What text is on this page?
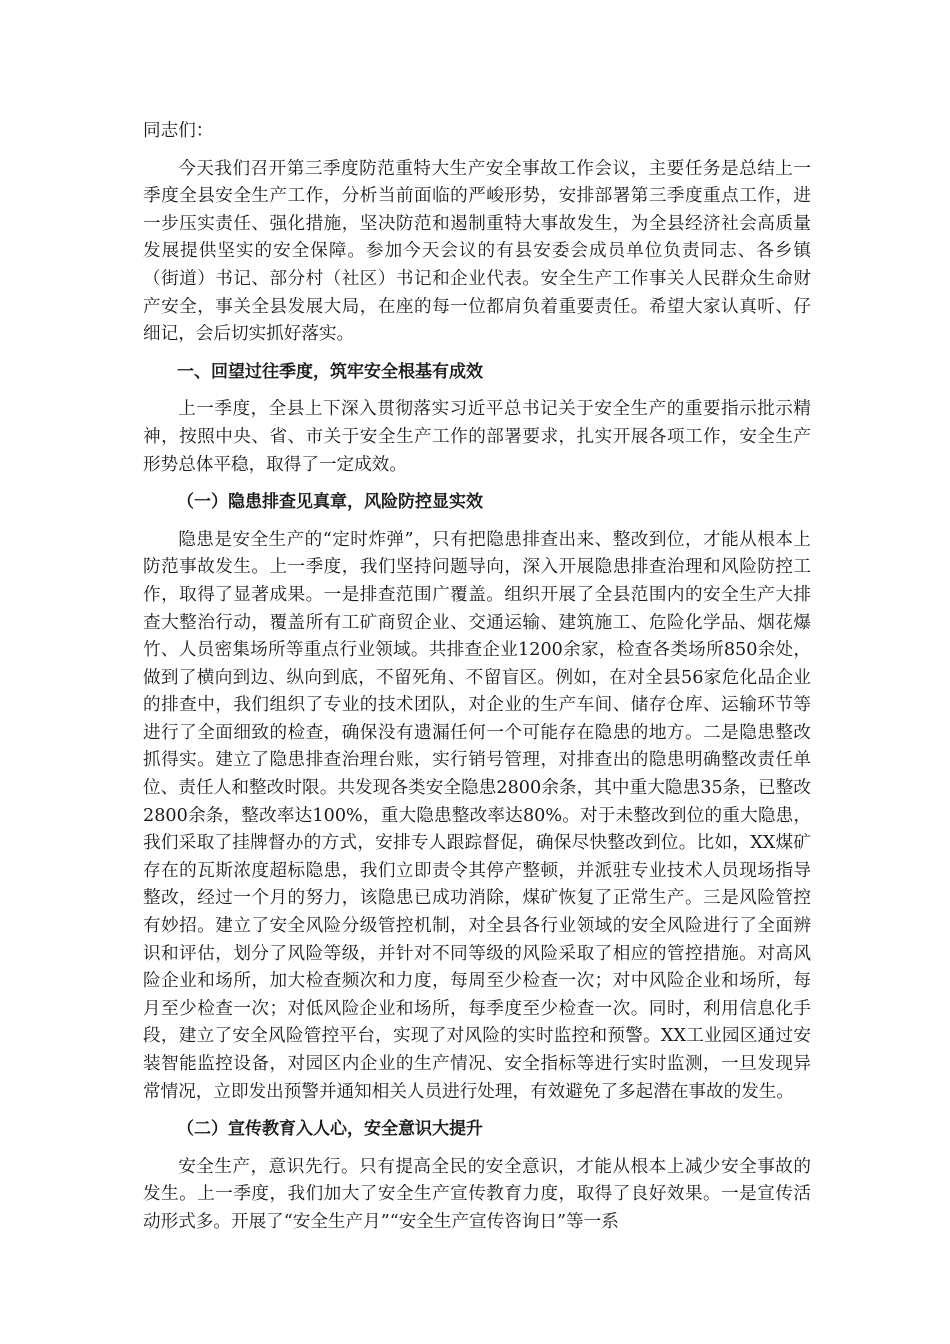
同志们：

今天我们召开第三季度防范重特大生产安全事故工作会议，主要任务是总结上一季度全县安全生产工作，分析当前面临的严峻形势，安排部署第三季度重点工作，进一步压实责任、强化措施，坚决防范和遏制重特大事故发生，为全县经济社会高质量发展提供坚实的安全保障。参加今天会议的有县安委会成员单位负责同志、各乡镇（街道）书记、部分村（社区）书记和企业代表。安全生产工作事关人民群众生命财产安全，事关全县发展大局，在座的每一位都肩负着重要责任。希望大家认真听、仔细记，会后切实抓好落实。

一、回望过往季度，筑牢安全根基有成效

上一季度，全县上下深入贯彻落实习近平总书记关于安全生产的重要指示批示精神，按照中央、省、市关于安全生产工作的部署要求，扎实开展各项工作，安全生产形势总体平稳，取得了一定成效。

（一）隐患排查见真章，风险防控显实效

隐患是安全生产的“定时炸弹”，只有把隐患排查出来、整改到位，才能从根本上防范事故发生。上一季度，我们坚持问题导向，深入开展隐患排查治理和风险防控工作，取得了显著成果。一是排查范围广覆盖。组织开展了全县范围内的安全生产大排查大整治行动，覆盖所有工矿商贸企业、交通运输、建筑施工、危险化学品、烟花爆竹、人员密集场所等重点行业领域。共排查企业1200余家，检查各类场所850余处，做到了横向到边、纵向到底，不留死角、不留盲区。例如，在对全县56家危化品企业的排查中，我们组织了专业的技术团队，对企业的生产车间、储存仓库、运输环节等进行了全面细致的检查，确保没有遗漏任何一个可能存在隐患的地方。二是隐患整改抓得实。建立了隐患排查治理台账，实行销号管理，对排查出的隐患明确整改责任单位、责任人和整改时限。共发现各类安全隐患2800余条，其中重大隐患35条，已整改2800余条，整改率达100%，重大隐患整改率达80%。对于未整改到位的重大隐患，我们采取了挂牌督办的方式，安排专人跟踪督促，确保尽快整改到位。比如，XX煤矿存在的瓦斯浓度超标隐患，我们立即责令其停产整顿，并派驻专业技术人员现场指导整改，经过一个月的努力，该隐患已成功消除，煤矿恢复了正常生产。三是风险管控有妙招。建立了安全风险分级管控机制，对全县各行业领域的安全风险进行了全面辨识和评估，划分了风险等级，并针对不同等级的风险采取了相应的管控措施。对高风险企业和场所，加大检查频次和力度，每周至少检查一次；对中风险企业和场所，每月至少检查一次；对低风险企业和场所，每季度至少检查一次。同时，利用信息化手段，建立了安全风险管控平台，实现了对风险的实时监控和预警。XX工业园区通过安装智能监控设备，对园区内企业的生产情况、安全指标等进行实时监测，一旦发现异常情况，立即发出预警并通知相关人员进行处理，有效避免了多起潜在事故的发生。

（二）宣传教育入人心，安全意识大提升

安全生产，意识先行。只有提高全民的安全意识，才能从根本上减少安全事故的发生。上一季度，我们加大了安全生产宣传教育力度，取得了良好效果。一是宣传活动形式多。开展了“安全生产月”“安全生产宣传咨询日”等一系
